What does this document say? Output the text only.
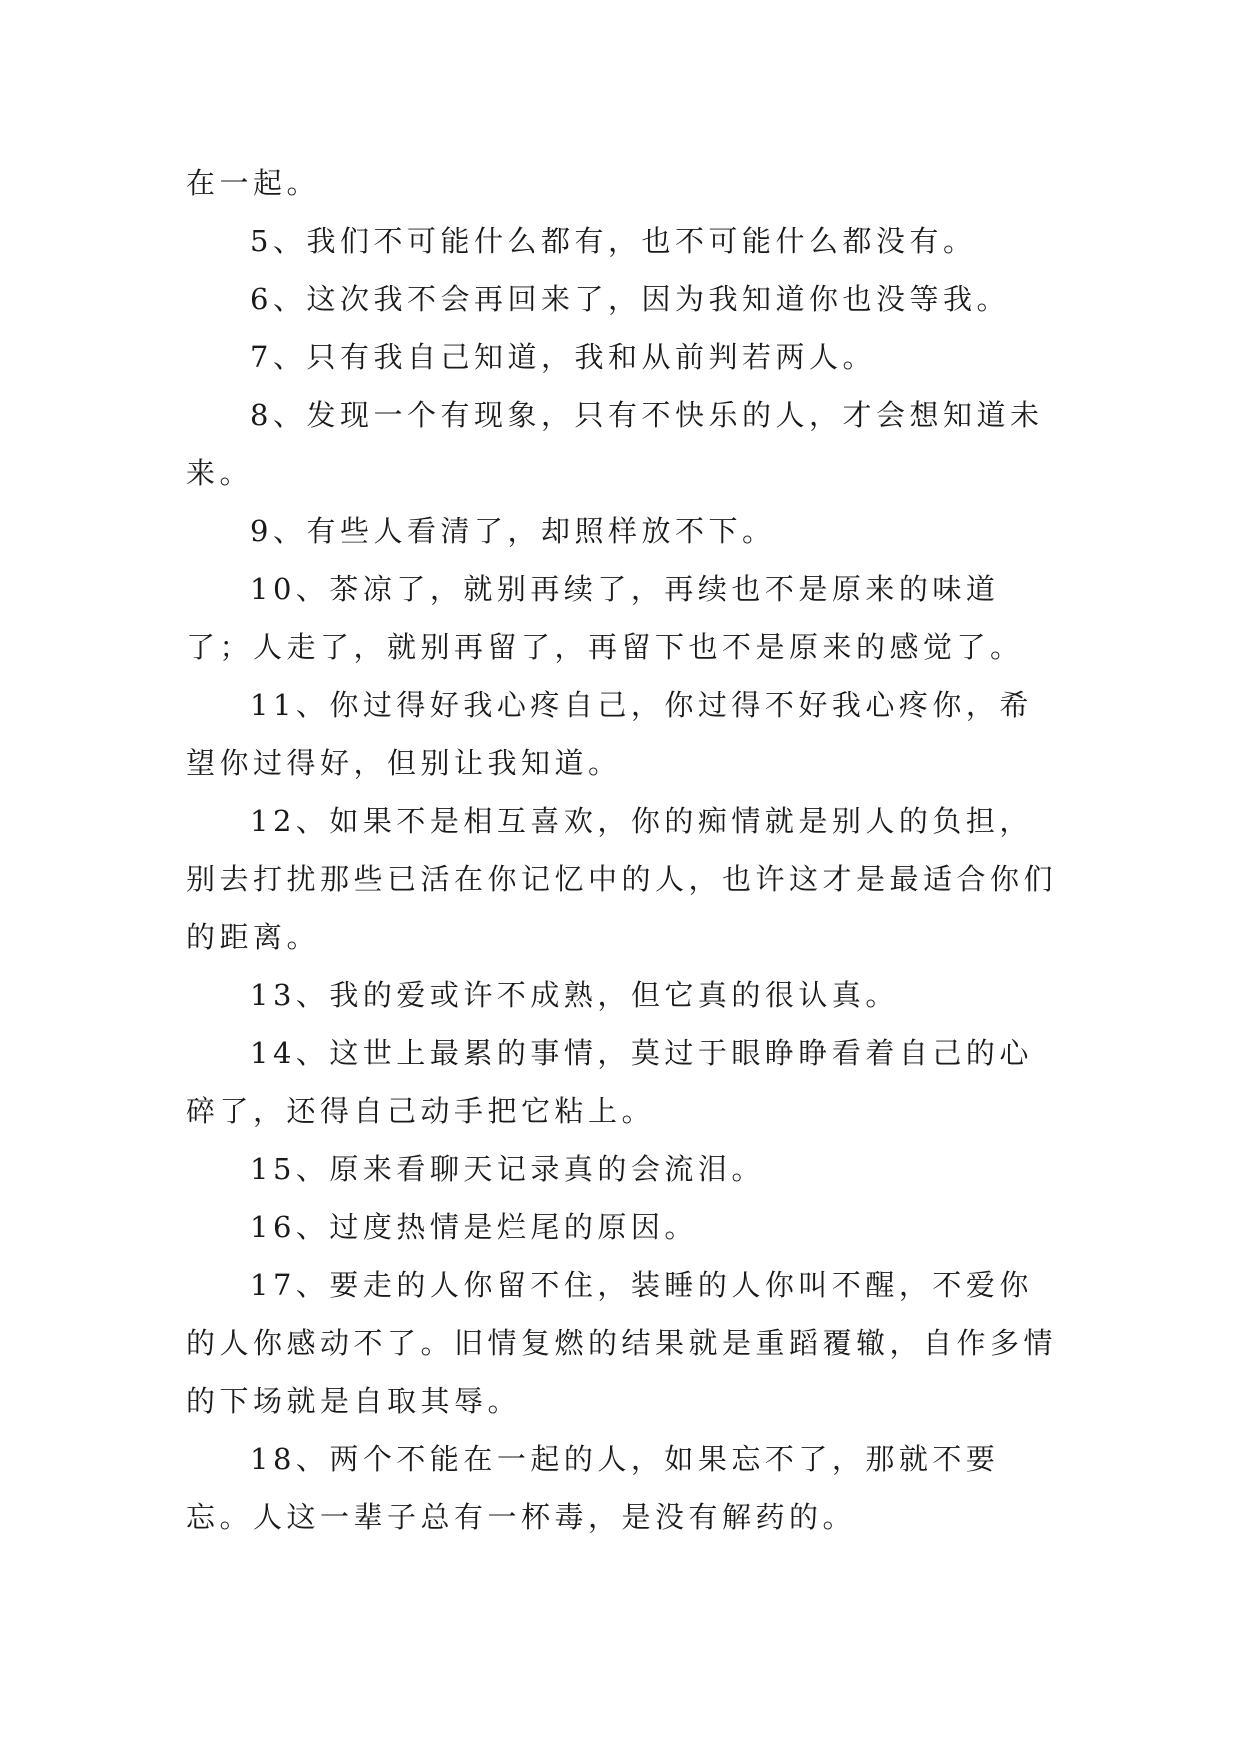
在一起。

5、我们不可能什么都有，也不可能什么都没有。

6、这次我不会再回来了，因为我知道你也没等我。

7、只有我自己知道，我和从前判若两人。

8、发现一个有现象，只有不快乐的人，才会想知道未来。

9、有些人看清了，却照样放不下。

10、茶凉了，就别再续了，再续也不是原来的味道了；人走了，就别再留了，再留下也不是原来的感觉了。

11、你过得好我心疼自己，你过得不好我心疼你，希望你过得好，但别让我知道。

12、如果不是相互喜欢，你的痴情就是别人的负担，别去打扰那些已活在你记忆中的人，也许这才是最适合你们的距离。

13、我的爱或许不成熟，但它真的很认真。

14、这世上最累的事情，莫过于眼睁睁看着自己的心碎了，还得自己动手把它粘上。

15、原来看聊天记录真的会流泪。

16、过度热情是烂尾的原因。

17、要走的人你留不住，装睡的人你叫不醒，不爱你的人你感动不了。旧情复燃的结果就是重蹈覆辙，自作多情的下场就是自取其辱。

18、两个不能在一起的人，如果忘不了，那就不要忘。人这一辈子总有一杯毒，是没有解药的。
